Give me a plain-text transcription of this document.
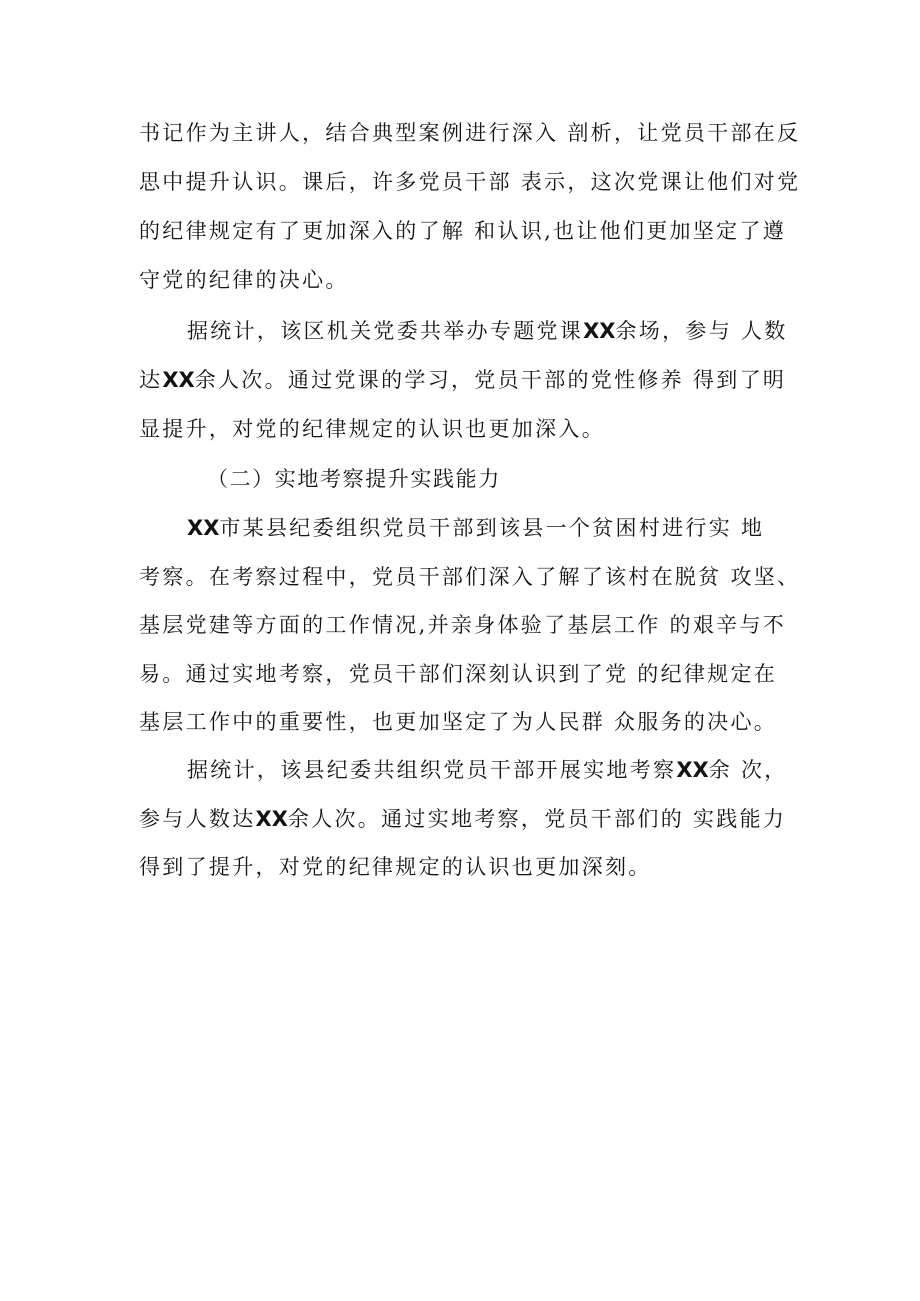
书记作为主讲人，结合典型案例进行深入 剖析，让党员干部在反
思中提升认识。课后，许多党员干部 表示，这次党课让他们对党
的纪律规定有了更加深入的了解 和认识,也让他们更加坚定了遵
守党的纪律的决心。
据统计，该区机关党委共举办专题党课XX余场，参与 人数
达XX余人次。通过党课的学习，党员干部的党性修养 得到了明
显提升，对党的纪律规定的认识也更加深入。
（二）实地考察提升实践能力
XX市某县纪委组织党员干部到该县一个贫困村进行实 地
考察。在考察过程中，党员干部们深入了解了该村在脱贫 攻坚、
基层党建等方面的工作情况,并亲身体验了基层工作 的艰辛与不
易。通过实地考察，党员干部们深刻认识到了党 的纪律规定在
基层工作中的重要性，也更加坚定了为人民群 众服务的决心。
据统计，该县纪委共组织党员干部开展实地考察XX余 次，
参与人数达XX余人次。通过实地考察，党员干部们的 实践能力
得到了提升，对党的纪律规定的认识也更加深刻。
